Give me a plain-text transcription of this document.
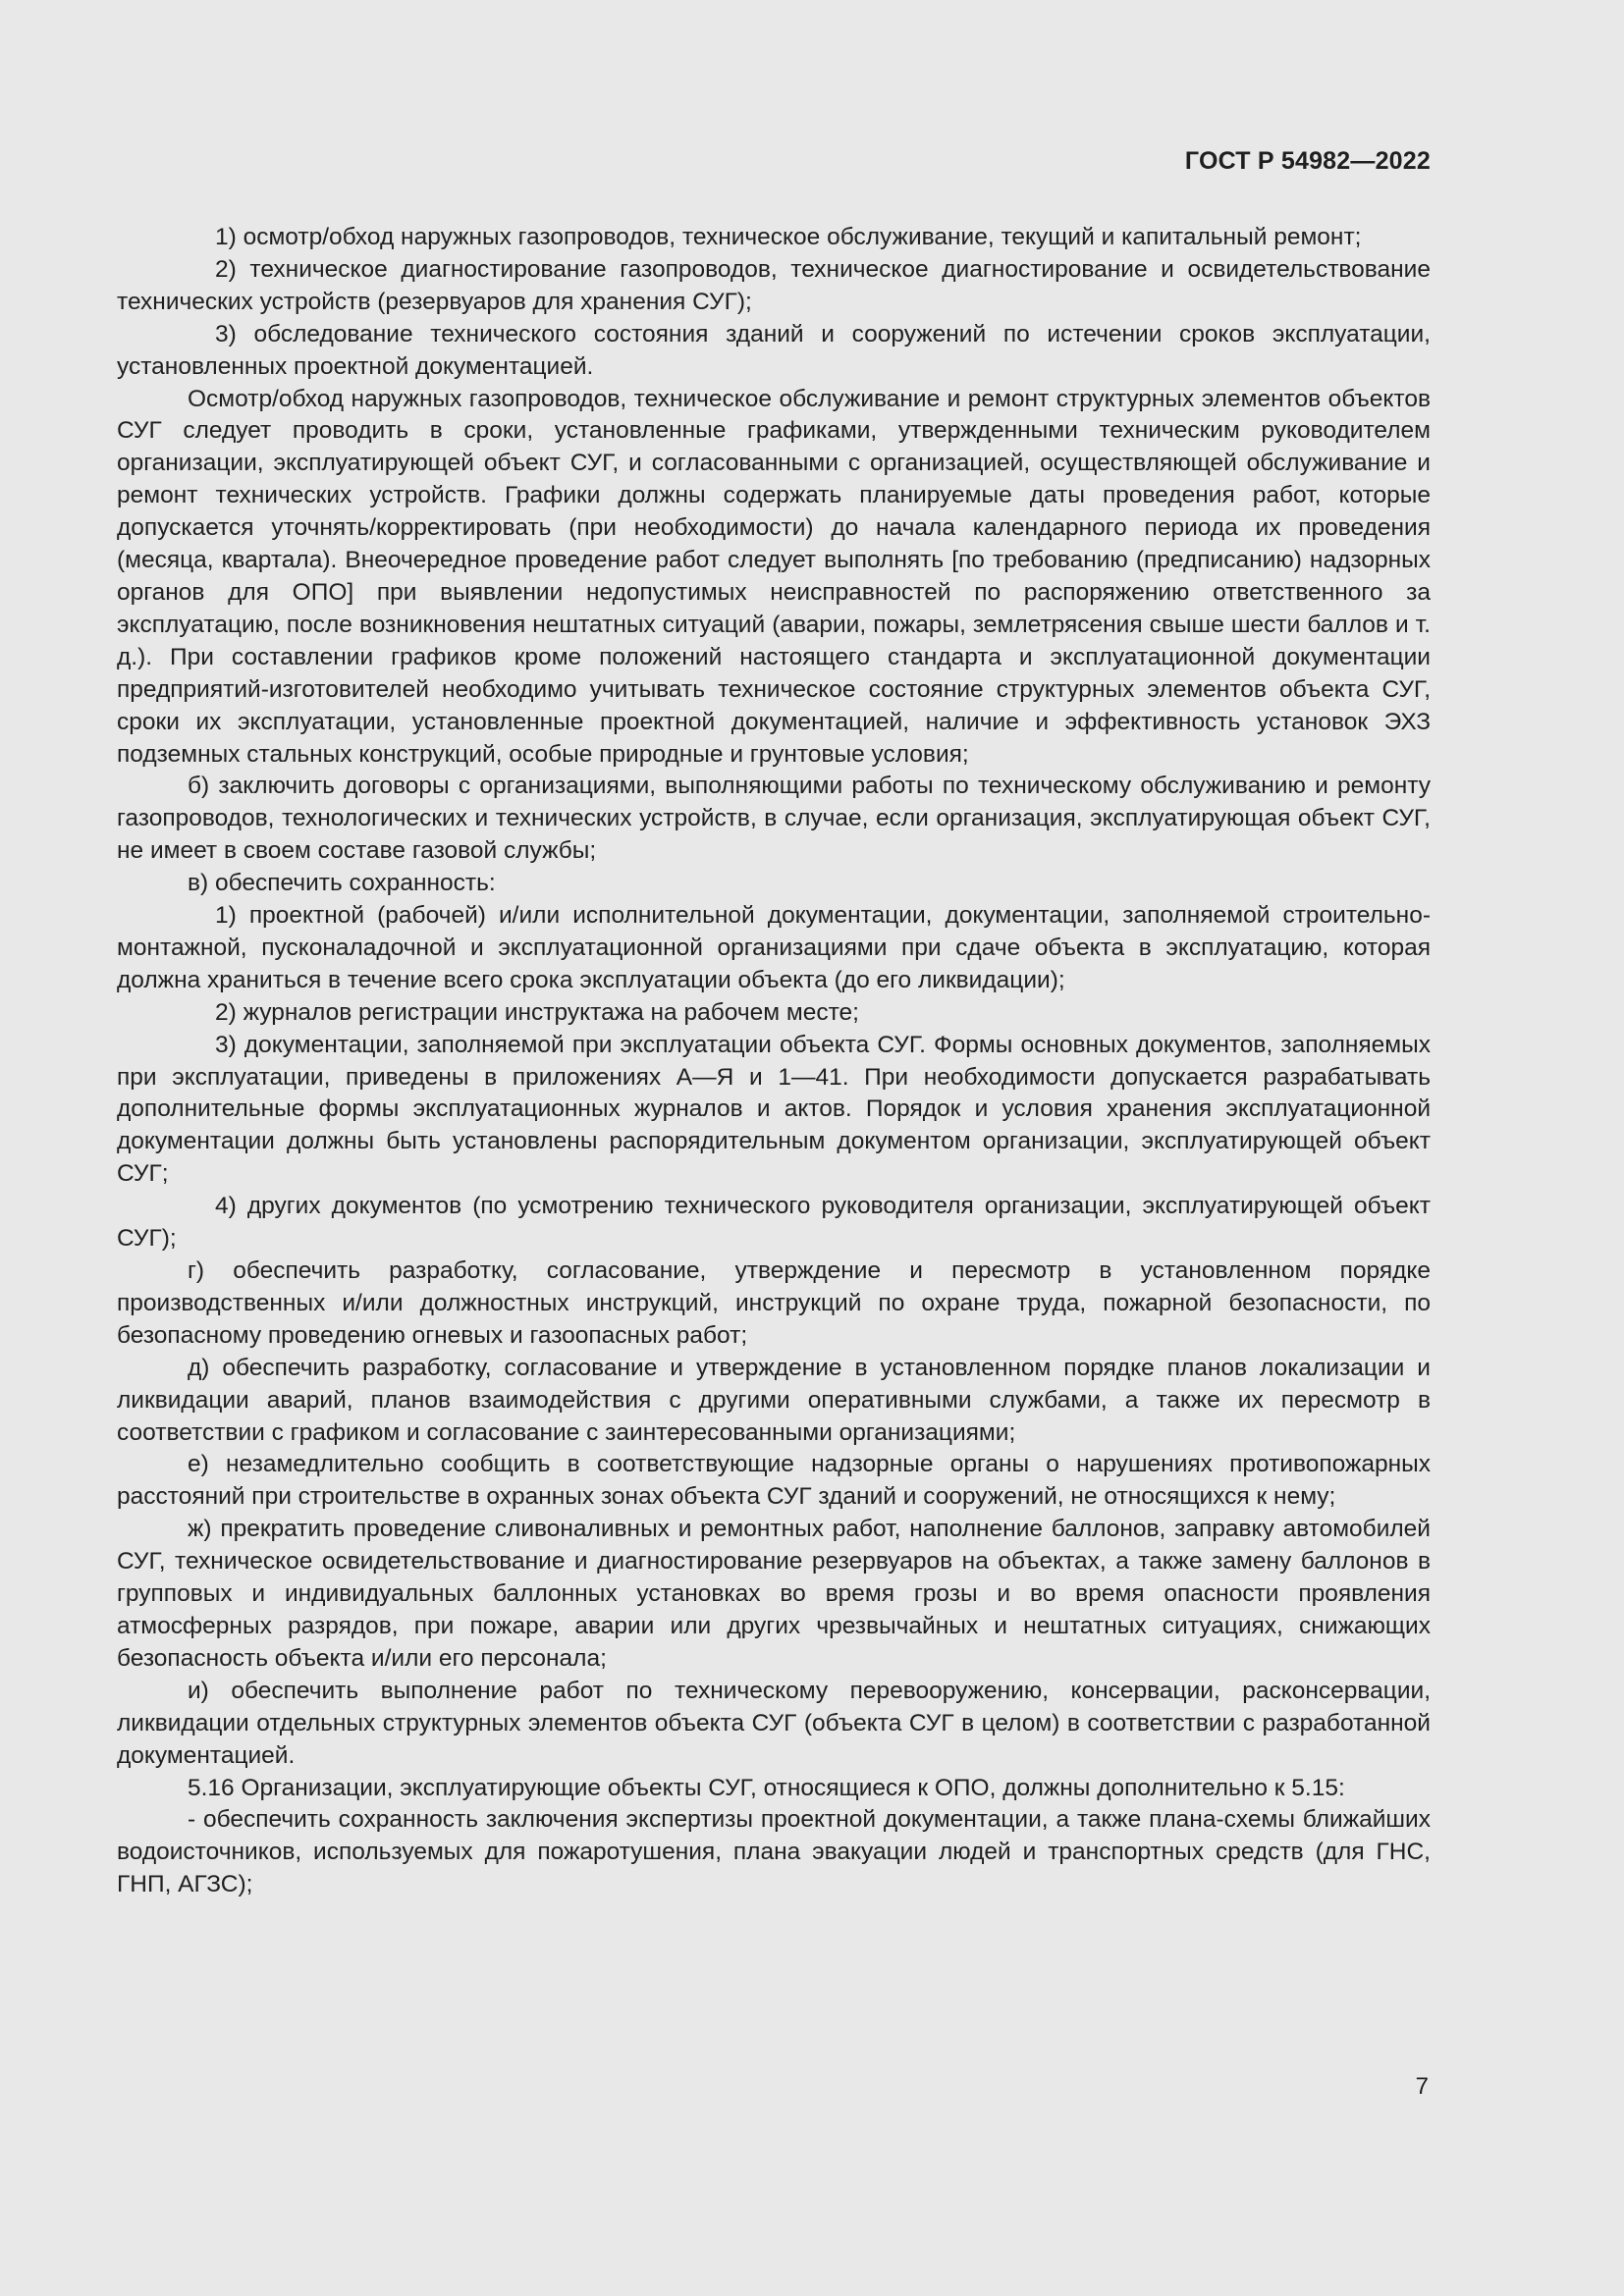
ГОСТ Р 54982—2022

1) осмотр/обход наружных газопроводов, техническое обслуживание, текущий и капитальный ремонт;

2) техническое диагностирование газопроводов, техническое диагностирование и освидетельствование технических устройств (резервуаров для хранения СУГ);

3) обследование технического состояния зданий и сооружений по истечении сроков эксплуатации, установленных проектной документацией.

Осмотр/обход наружных газопроводов, техническое обслуживание и ремонт структурных элементов объектов СУГ следует проводить в сроки, установленные графиками, утвержденными техническим руководителем организации, эксплуатирующей объект СУГ, и согласованными с организацией, осуществляющей обслуживание и ремонт технических устройств. Графики должны содержать планируемые даты проведения работ, которые допускается уточнять/корректировать (при необходимости) до начала календарного периода их проведения (месяца, квартала). Внеочередное проведение работ следует выполнять [по требованию (предписанию) надзорных органов для ОПО] при выявлении недопустимых неисправностей по распоряжению ответственного за эксплуатацию, после возникновения нештатных ситуаций (аварии, пожары, землетрясения свыше шести баллов и т. д.). При составлении графиков кроме положений настоящего стандарта и эксплуатационной документации предприятий-изготовителей необходимо учитывать техническое состояние структурных элементов объекта СУГ, сроки их эксплуатации, установленные проектной документацией, наличие и эффективность установок ЭХЗ подземных стальных конструкций, особые природные и грунтовые условия;

б) заключить договоры с организациями, выполняющими работы по техническому обслуживанию и ремонту газопроводов, технологических и технических устройств, в случае, если организация, эксплуатирующая объект СУГ, не имеет в своем составе газовой службы;

в) обеспечить сохранность:

1) проектной (рабочей) и/или исполнительной документации, документации, заполняемой строительно-монтажной, пусконаладочной и эксплуатационной организациями при сдаче объекта в эксплуатацию, которая должна храниться в течение всего срока эксплуатации объекта (до его ликвидации);

2) журналов регистрации инструктажа на рабочем месте;

3) документации, заполняемой при эксплуатации объекта СУГ. Формы основных документов, заполняемых при эксплуатации, приведены в приложениях А—Я и 1—41. При необходимости допускается разрабатывать дополнительные формы эксплуатационных журналов и актов. Порядок и условия хранения эксплуатационной документации должны быть установлены распорядительным документом организации, эксплуатирующей объект СУГ;

4) других документов (по усмотрению технического руководителя организации, эксплуатирующей объект СУГ);

г) обеспечить разработку, согласование, утверждение и пересмотр в установленном порядке производственных и/или должностных инструкций, инструкций по охране труда, пожарной безопасности, по безопасному проведению огневых и газоопасных работ;

д) обеспечить разработку, согласование и утверждение в установленном порядке планов локализации и ликвидации аварий, планов взаимодействия с другими оперативными службами, а также их пересмотр в соответствии с графиком и согласование с заинтересованными организациями;

е) незамедлительно сообщить в соответствующие надзорные органы о нарушениях противопожарных расстояний при строительстве в охранных зонах объекта СУГ зданий и сооружений, не относящихся к нему;

ж) прекратить проведение сливоналивных и ремонтных работ, наполнение баллонов, заправку автомобилей СУГ, техническое освидетельствование и диагностирование резервуаров на объектах, а также замену баллонов в групповых и индивидуальных баллонных установках во время грозы и во время опасности проявления атмосферных разрядов, при пожаре, аварии или других чрезвычайных и нештатных ситуациях, снижающих безопасность объекта и/или его персонала;

и) обеспечить выполнение работ по техническому перевооружению, консервации, расконсервации, ликвидации отдельных структурных элементов объекта СУГ (объекта СУГ в целом) в соответствии с разработанной документацией.

5.16 Организации, эксплуатирующие объекты СУГ, относящиеся к ОПО, должны дополнительно к 5.15:

- обеспечить сохранность заключения экспертизы проектной документации, а также плана-схемы ближайших водоисточников, используемых для пожаротушения, плана эвакуации людей и транспортных средств (для ГНС, ГНП, АГЗС);

7
